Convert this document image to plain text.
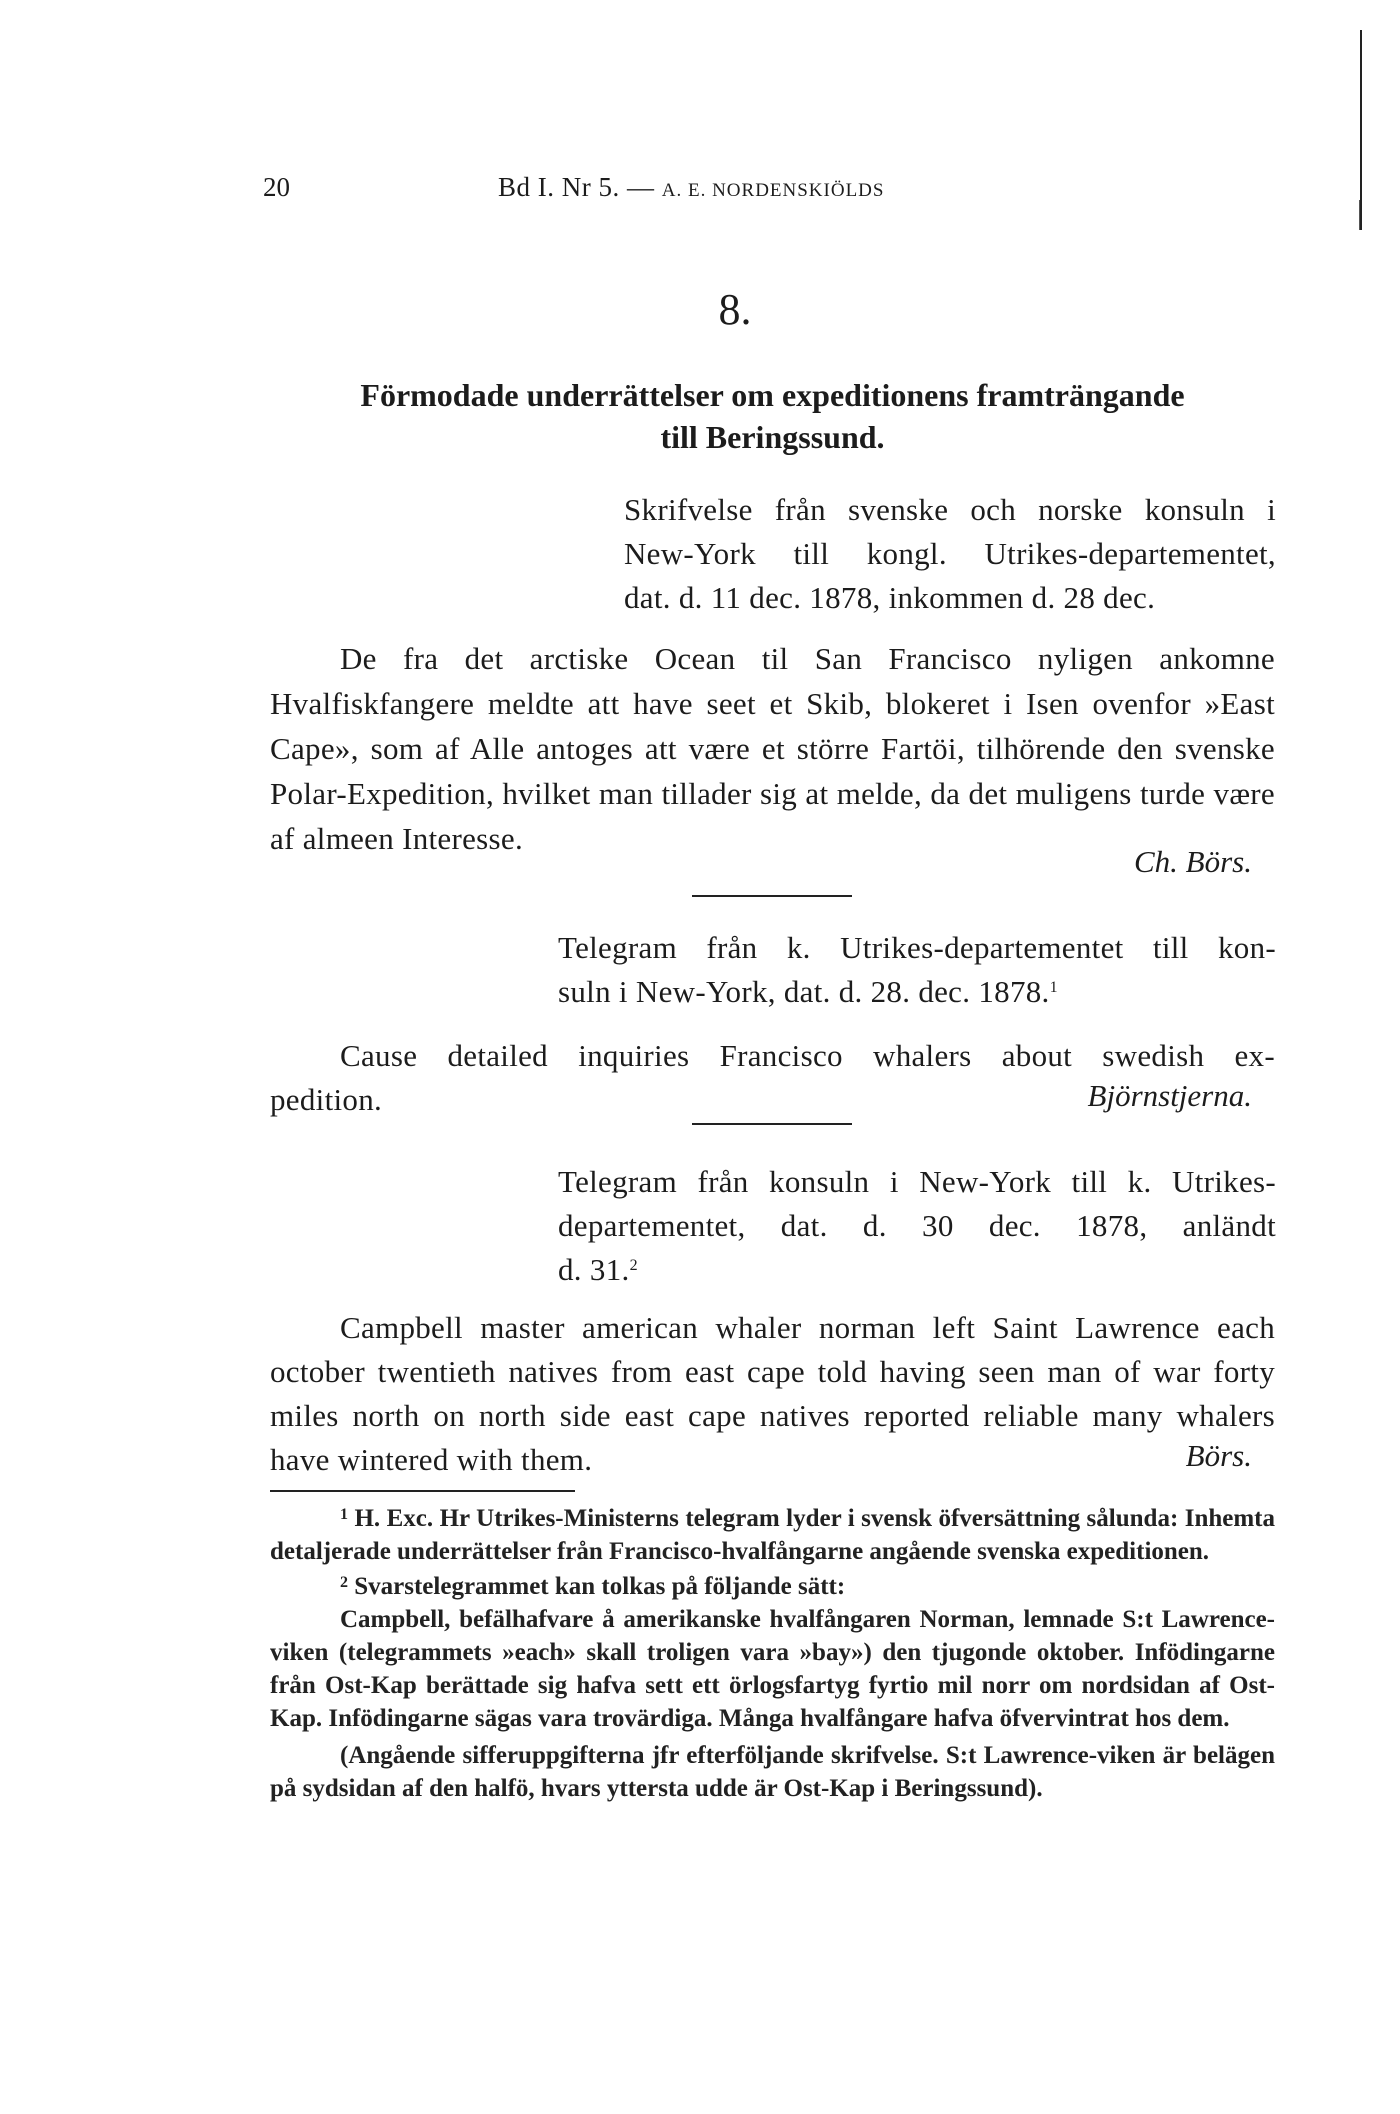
20	Bd I. Nr 5. — A. E. NORDENSKIÖLDS
8.
Förmodade underrättelser om expeditionens framträngande
till Beringssund.
Skrifvelse från svenske och norske konsuln i
New-York till kongl. Utrikes-departementet,
dat. d. 11 dec. 1878, inkommen d. 28 dec.
De fra det arctiske Ocean til San Francisco nyligen ankomne Hvalfiskfangere meldte att have seet et Skib, blokeret i Isen ovenfor »East Cape», som af Alle antoges att være et större Fartöi, tilhörende den svenske Polar-Expedition, hvilket man tillader sig at melde, da det muligens turde være af almeen Interesse.
Ch. Börs.
Telegram från k. Utrikes-departementet till kon-
suln i New-York, dat. d. 28. dec. 1878.$^1$
Cause detailed inquiries Francisco whalers about swedish ex-
pedition.	Björnstjerna.
Telegram från konsuln i New-York till k. Utrikes-
departementet, dat. d. 30 dec. 1878, anländt
d. 31.$^2$
Campbell master american whaler norman left Saint Lawrence each october twentieth natives from east cape told having seen man of war forty miles north on north side east cape natives reported reliable many whalers have wintered with them.	Börs.

$^1$ H. Exc. Hr Utrikes-Ministerns telegram lyder i svensk öfversättning sålunda: Inhemta detaljerade underrättelser från Francisco-hvalfångarne angående svenska expeditionen.

$^2$ Svarstelegrammet kan tolkas på följande sätt:

Campbell, befälhafvare å amerikanske hvalfångaren Norman, lemnade S:t Lawrence-viken (telegrammets »each» skall troligen vara »bay») den tjugonde oktober. Infödingarne från Ost-Kap berättade sig hafva sett ett örlogsfartyg fyrtio mil norr om nordsidan af Ost-Kap. Infödingarne sägas vara trovärdiga. Många hvalfångare hafva öfvervintrat hos dem.

(Angående sifferuppgifterna jfr efterföljande skrifvelse. S:t Lawrence-viken är belägen på sydsidan af den halfö, hvars yttersta udde är Ost-Kap i Beringssund).
